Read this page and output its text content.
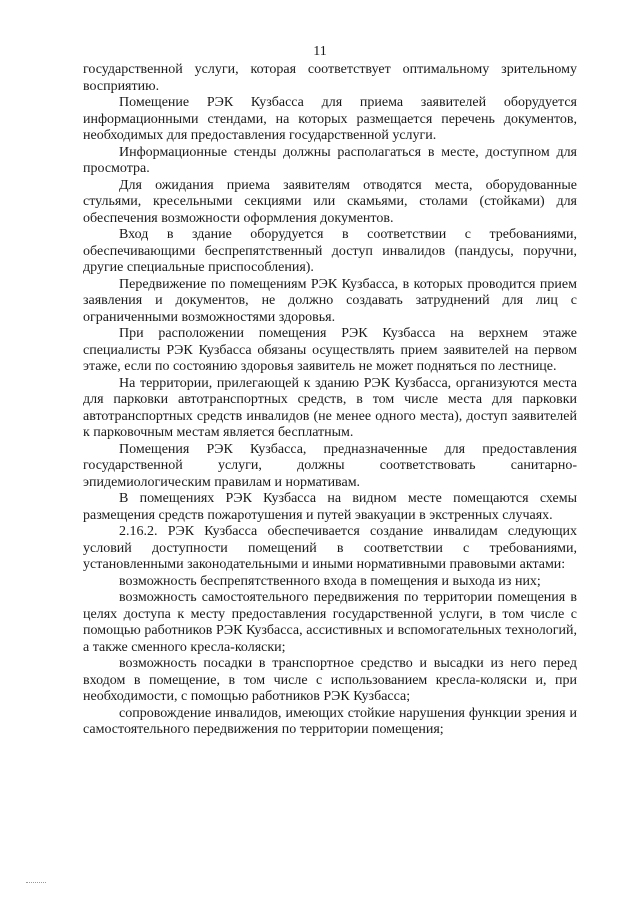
11

государственной услуги, которая соответствует оптимальному зрительному восприятию.

Помещение РЭК Кузбасса для приема заявителей оборудуется информационными стендами, на которых размещается перечень документов, необходимых для предоставления государственной услуги.

Информационные стенды должны располагаться в месте, доступном для просмотра.

Для ожидания приема заявителям отводятся места, оборудованные стульями, кресельными секциями или скамьями, столами (стойками) для обеспечения возможности оформления документов.

Вход в здание оборудуется в соответствии с требованиями, обеспечивающими беспрепятственный доступ инвалидов (пандусы, поручни, другие специальные приспособления).

Передвижение по помещениям РЭК Кузбасса, в которых проводится прием заявления и документов, не должно создавать затруднений для лиц с ограниченными возможностями здоровья.

При расположении помещения РЭК Кузбасса на верхнем этаже специалисты РЭК Кузбасса обязаны осуществлять прием заявителей на первом этаже, если по состоянию здоровья заявитель не может подняться по лестнице.

На территории, прилегающей к зданию РЭК Кузбасса, организуются места для парковки автотранспортных средств, в том числе места для парковки автотранспортных средств инвалидов (не менее одного места), доступ заявителей к парковочным местам является бесплатным.

Помещения РЭК Кузбасса, предназначенные для предоставления государственной услуги, должны соответствовать санитарно-эпидемиологическим правилам и нормативам.

В помещениях РЭК Кузбасса на видном месте помещаются схемы размещения средств пожаротушения и путей эвакуации в экстренных случаях.

2.16.2. РЭК Кузбасса обеспечивается создание инвалидам следующих условий доступности помещений в соответствии с требованиями, установленными законодательными и иными нормативными правовыми актами:

возможность беспрепятственного входа в помещения и выхода из них;

возможность самостоятельного передвижения по территории помещения в целях доступа к месту предоставления государственной услуги, в том числе с помощью работников РЭК Кузбасса, ассистивных и вспомогательных технологий, а также сменного кресла-коляски;

возможность посадки в транспортное средство и высадки из него перед входом в помещение, в том числе с использованием кресла-коляски и, при необходимости, с помощью работников РЭК Кузбасса;

сопровождение инвалидов, имеющих стойкие нарушения функции зрения и самостоятельного передвижения по территории помещения;
